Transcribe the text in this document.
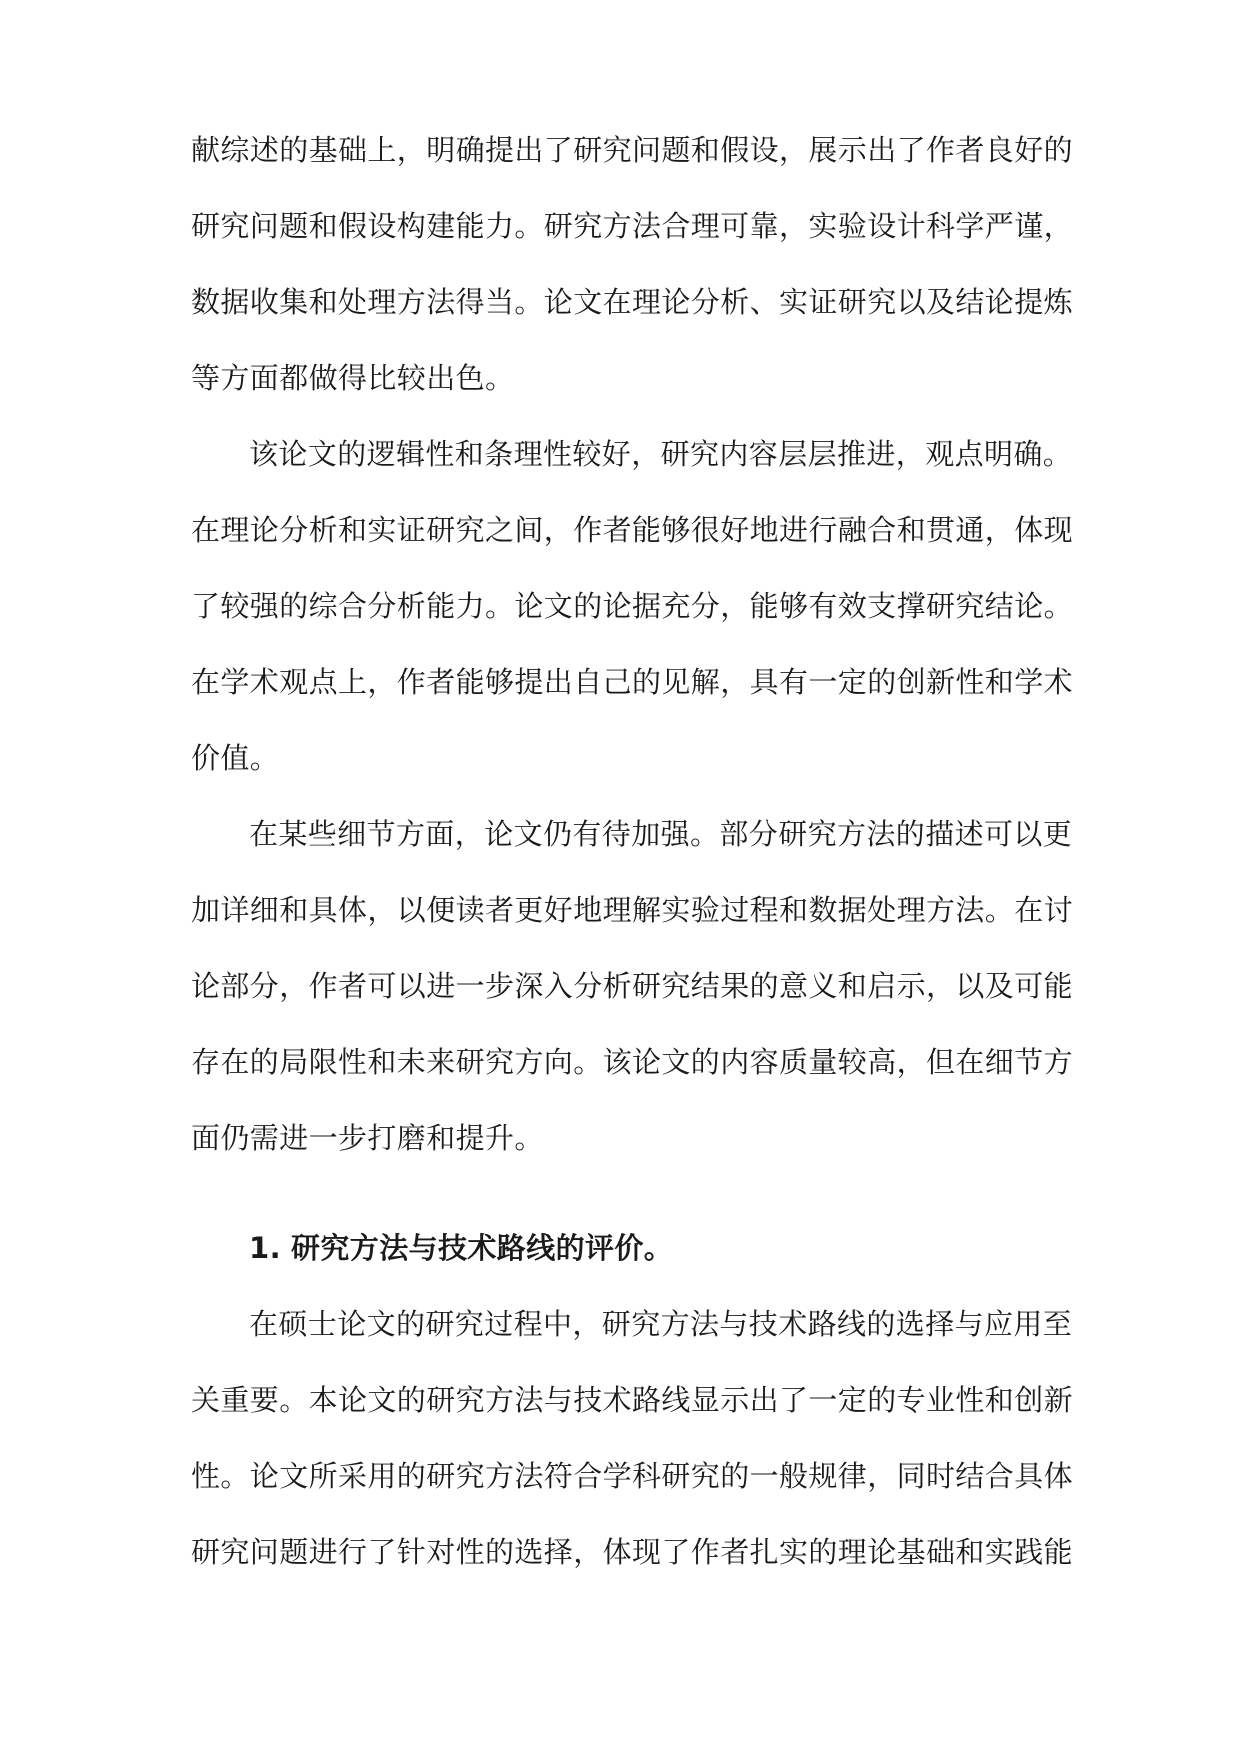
献综述的基础上，明确提出了研究问题和假设，展示出了作者良好的
研究问题和假设构建能力。研究方法合理可靠，实验设计科学严谨，
数据收集和处理方法得当。论文在理论分析、实证研究以及结论提炼
等方面都做得比较出色。
该论文的逻辑性和条理性较好，研究内容层层推进，观点明确。
在理论分析和实证研究之间，作者能够很好地进行融合和贯通，体现
了较强的综合分析能力。论文的论据充分，能够有效支撑研究结论。
在学术观点上，作者能够提出自己的见解，具有一定的创新性和学术
价值。
在某些细节方面，论文仍有待加强。部分研究方法的描述可以更
加详细和具体，以便读者更好地理解实验过程和数据处理方法。在讨
论部分，作者可以进一步深入分析研究结果的意义和启示，以及可能
存在的局限性和未来研究方向。该论文的内容质量较高，但在细节方
面仍需进一步打磨和提升。
1. 研究方法与技术路线的评价。
在硕士论文的研究过程中，研究方法与技术路线的选择与应用至
关重要。本论文的研究方法与技术路线显示出了一定的专业性和创新
性。论文所采用的研究方法符合学科研究的一般规律，同时结合具体
研究问题进行了针对性的选择，体现了作者扎实的理论基础和实践能
